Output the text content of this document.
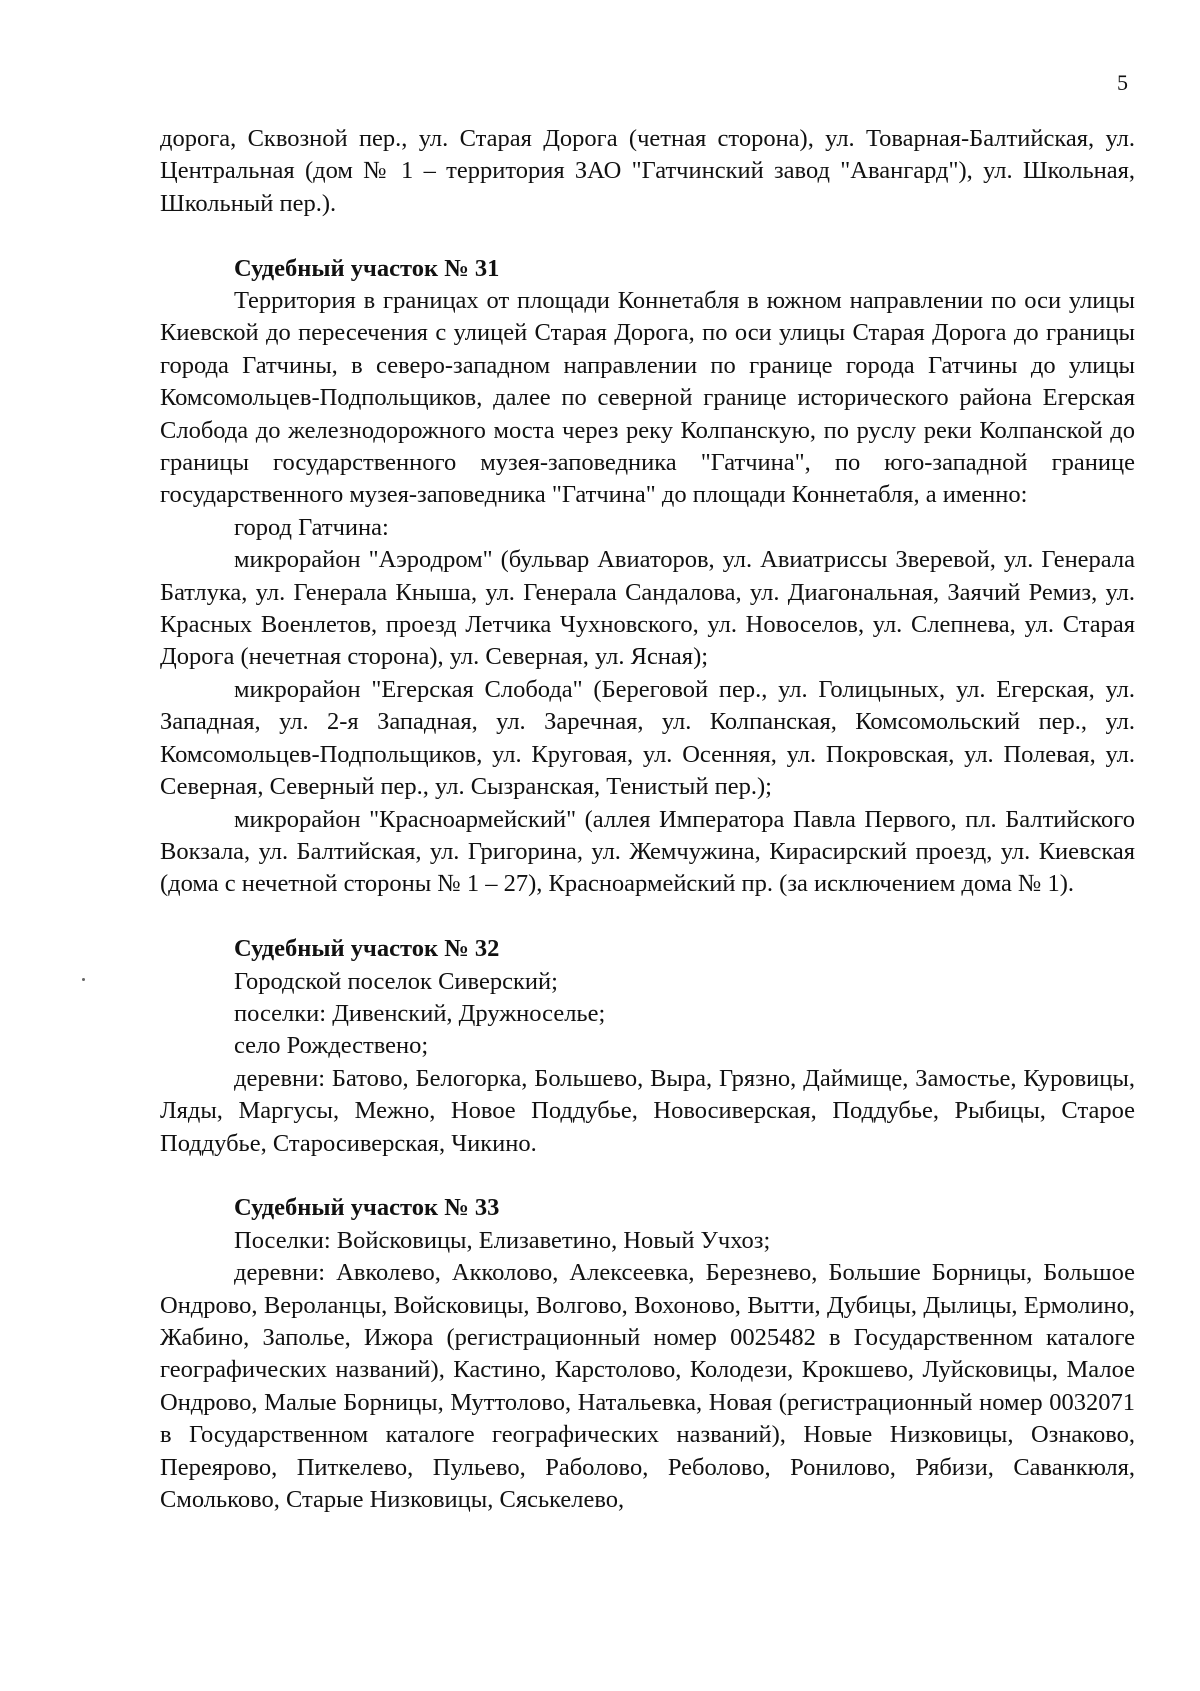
5

дорога, Сквозной пер., ул. Старая Дорога (четная сторона), ул. Товарная-Балтийская, ул. Центральная (дом № 1 – территория ЗАО "Гатчинский завод "Авангард"), ул. Школьная, Школьный пер.).

Судебный участок № 31

Территория в границах от площади Коннетабля в южном направлении по оси улицы Киевской до пересечения с улицей Старая Дорога, по оси улицы Старая Дорога до границы города Гатчины, в северо-западном направлении по границе города Гатчины до улицы Комсомольцев-Подпольщиков, далее по северной границе исторического района Егерская Слобода до железнодорожного моста через реку Колпанскую, по руслу реки Колпанской до границы государственного музея-заповедника "Гатчина", по юго-западной границе государственного музея-заповедника "Гатчина" до площади Коннетабля, а именно:

город Гатчина:

микрорайон "Аэродром" (бульвар Авиаторов, ул. Авиатриссы Зверевой, ул. Генерала Батлука, ул. Генерала Кныша, ул. Генерала Сандалова, ул. Диагональная, Заячий Ремиз, ул. Красных Военлетов, проезд Летчика Чухновского, ул. Новоселов, ул. Слепнева, ул. Старая Дорога (нечетная сторона), ул. Северная, ул. Ясная);

микрорайон "Егерская Слобода" (Береговой пер., ул. Голицыных, ул. Егерская, ул. Западная, ул. 2-я Западная, ул. Заречная, ул. Колпанская, Комсомольский пер., ул. Комсомольцев-Подпольщиков, ул. Круговая, ул. Осенняя, ул. Покровская, ул. Полевая, ул. Северная, Северный пер., ул. Сызранская, Тенистый пер.);

микрорайон "Красноармейский" (аллея Императора Павла Первого, пл. Балтийского Вокзала, ул. Балтийская, ул. Григорина, ул. Жемчужина, Кирасирский проезд, ул. Киевская (дома с нечетной стороны № 1 – 27), Красноармейский пр. (за исключением дома № 1).

Судебный участок № 32

Городской поселок Сиверский;

поселки: Дивенский, Дружноселье;

село Рождествено;

деревни: Батово, Белогорка, Большево, Выра, Грязно, Даймище, Замостье, Куровицы, Ляды, Маргусы, Межно, Новое Поддубье, Новосиверская, Поддубье, Рыбицы, Старое Поддубье, Старосиверская, Чикино.

Судебный участок № 33

Поселки: Войсковицы, Елизаветино, Новый Учхоз;

деревни: Авколево, Акколово, Алексеевка, Березнево, Большие Борницы, Большое Ондрово, Вероланцы, Войсковицы, Волгово, Вохоново, Вытти, Дубицы, Дылицы, Ермолино, Жабино, Заполье, Ижора (регистрационный номер 0025482 в Государственном каталоге географических названий), Кастино, Карстолово, Колодези, Крокшево, Луйсковицы, Малое Ондрово, Малые Борницы, Муттолово, Натальевка, Новая (регистрационный номер 0032071 в Государственном каталоге географических названий), Новые Низковицы, Ознаково, Переярово, Питкелево, Пульево, Раболово, Реболово, Ронилово, Рябизи, Саванкюля, Смольково, Старые Низковицы, Сяськелево,
